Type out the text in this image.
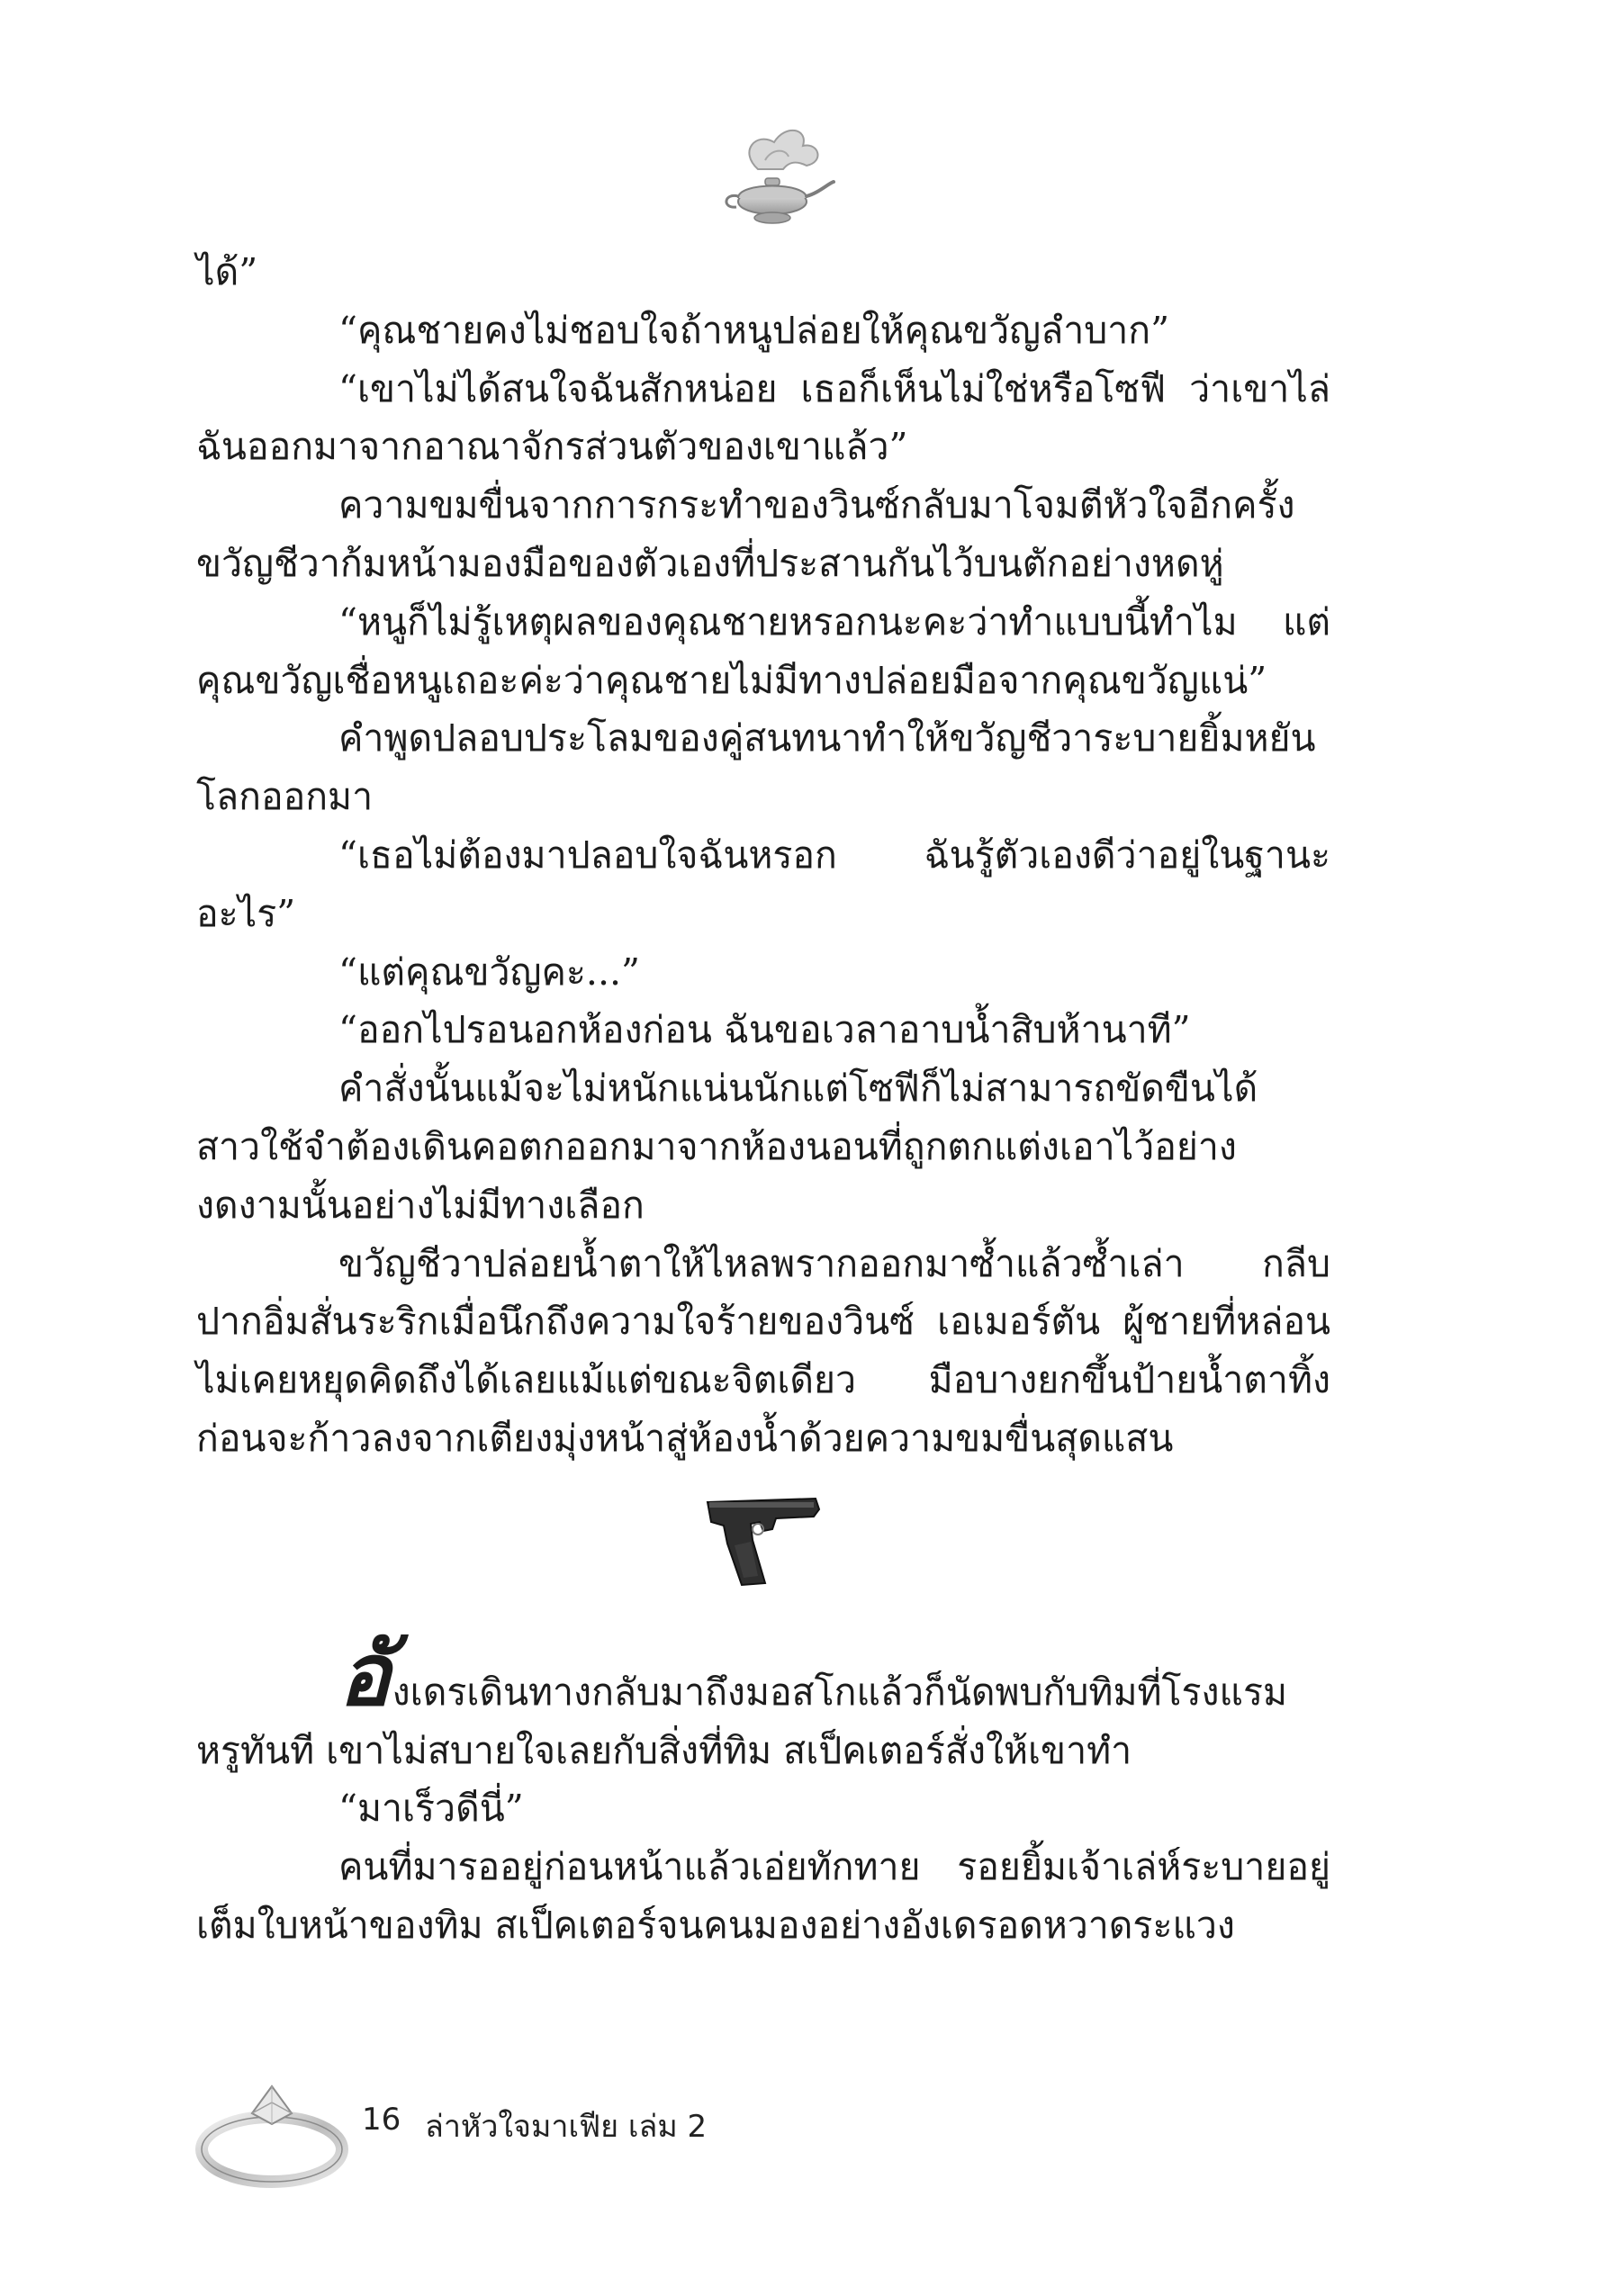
ได้”

“คุณชายคงไม่ชอบใจถ้าหนูปล่อยให้คุณขวัญลำบาก”

“เขาไม่ได้สนใจฉันสักหน่อย เธอก็เห็นไม่ใช่หรือโซฟี ว่าเขาไล่ฉันออกมาจากอาณาจักรส่วนตัวของเขาแล้ว”

ความขมขื่นจากการกระทำของวินซ์กลับมาโจมตีหัวใจอีกครั้ง ขวัญชีวาก้มหน้ามองมือของตัวเองที่ประสานกันไว้บนตักอย่างหดหู่

“หนูก็ไม่รู้เหตุผลของคุณชายหรอกนะคะว่าทำแบบนี้ทำไม แต่คุณขวัญเชื่อหนูเถอะค่ะว่าคุณชายไม่มีทางปล่อยมือจากคุณขวัญแน่”

คำพูดปลอบประโลมของคู่สนทนาทำให้ขวัญชีวาระบายยิ้มหยันโลกออกมา

“เธอไม่ต้องมาปลอบใจฉันหรอก ฉันรู้ตัวเองดีว่าอยู่ในฐานะอะไร”

“แต่คุณขวัญคะ...”

“ออกไปรอนอกห้องก่อน ฉันขอเวลาอาบน้ำสิบห้านาที”

คำสั่งนั้นแม้จะไม่หนักแน่นนักแต่โซฟีก็ไม่สามารถขัดขืนได้ สาวใช้จำต้องเดินคอตกออกมาจากห้องนอนที่ถูกตกแต่งเอาไว้อย่างงดงามนั้นอย่างไม่มีทางเลือก

ขวัญชีวาปล่อยน้ำตาให้ไหลพรากออกมาซ้ำแล้วซ้ำเล่า กลีบปากอิ่มสั่นระริกเมื่อนึกถึงความใจร้ายของวินซ์ เอเมอร์ตัน ผู้ชายที่หล่อนไม่เคยหยุดคิดถึงได้เลยแม้แต่ขณะจิตเดียว มือบางยกขึ้นป้ายน้ำตาทิ้งก่อนจะก้าวลงจากเตียงมุ่งหน้าสู่ห้องน้ำด้วยความขมขื่นสุดแสน

อังเดรเดินทางกลับมาถึงมอสโกแล้วก็นัดพบกับทิมที่โรงแรมหรูทันที เขาไม่สบายใจเลยกับสิ่งที่ทิม สเป็คเตอร์สั่งให้เขาทำ

“มาเร็วดีนี่”

คนที่มารออยู่ก่อนหน้าแล้วเอ่ยทักทาย รอยยิ้มเจ้าเล่ห์ระบายอยู่เต็มใบหน้าของทิม สเป็คเตอร์จนคนมองอย่างอังเดรอดหวาดระแวง

16 ล่าหัวใจมาเฟีย เล่ม 2
